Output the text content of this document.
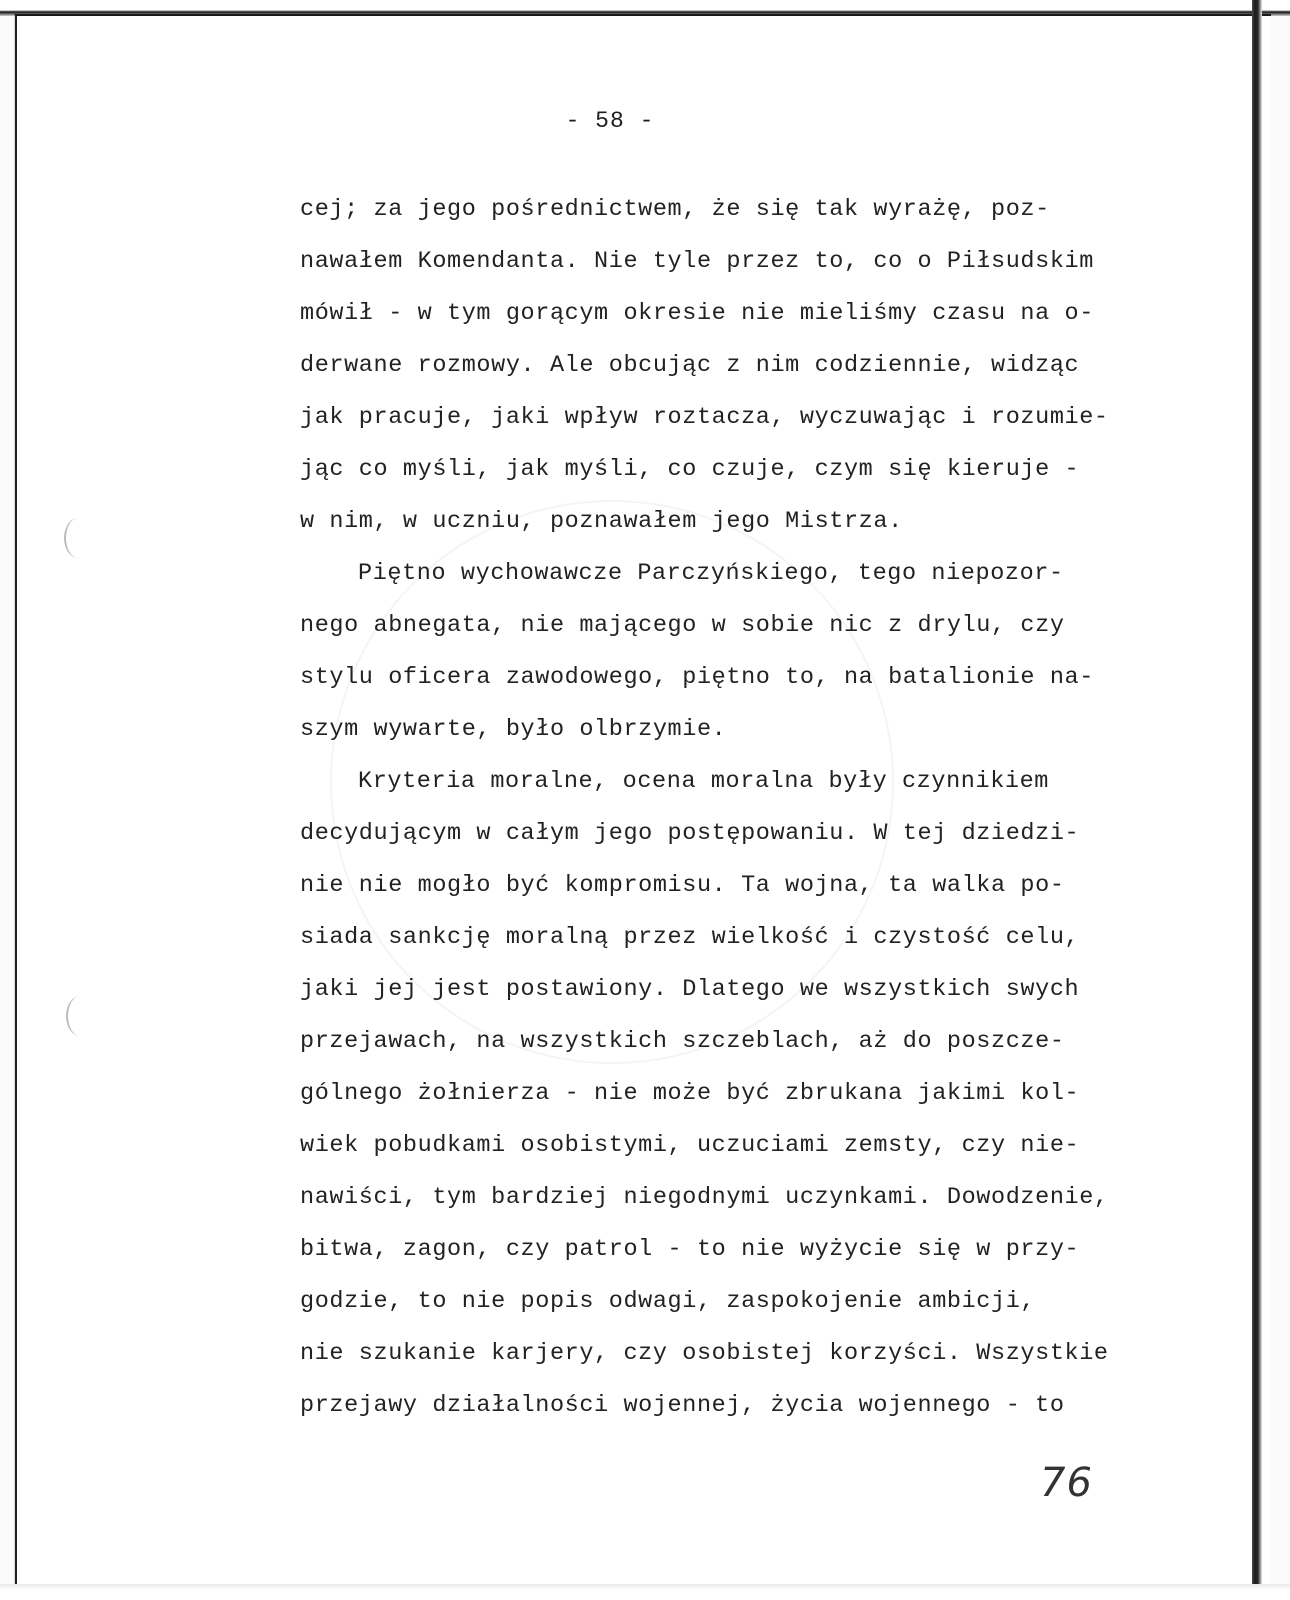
- 58 -
cej; za jego pośrednictwem, że się tak wyrażę, poz-
nawałem Komendanta. Nie tyle przez to, co o Piłsudskim
mówił - w tym gorącym okresie nie mieliśmy czasu na o-
derwane rozmowy. Ale obcując z nim codziennie, widząc
jak pracuje, jaki wpływ roztacza, wyczuwając i rozumie-
jąc co myśli, jak myśli, co czuje, czym się kieruje -
w nim, w uczniu, poznawałem jego Mistrza.
Piętno wychowawcze Parczyńskiego, tego niepozor-
nego abnegata, nie mającego w sobie nic z drylu, czy
stylu oficera zawodowego, piętno to, na batalionie na-
szym wywarte, było olbrzymie.
Kryteria moralne, ocena moralna były czynnikiem
decydującym w całym jego postępowaniu. W tej dziedzi-
nie nie mogło być kompromisu. Ta wojna, ta walka po-
siada sankcję moralną przez wielkość i czystość celu,
jaki jej jest postawiony. Dlatego we wszystkich swych
przejawach, na wszystkich szczeblach, aż do poszcze-
gólnego żołnierza - nie może być zbrukana jakimi kol-
wiek pobudkami osobistymi, uczuciami zemsty, czy nie-
nawiści, tym bardziej niegodnymi uczynkami. Dowodzenie,
bitwa, zagon, czy patrol - to nie wyżycie się w przy-
godzie, to nie popis odwagi, zaspokojenie ambicji,
nie szukanie karjery, czy osobistej korzyści. Wszystkie
przejawy działalności wojennej, życia wojennego - to
76
